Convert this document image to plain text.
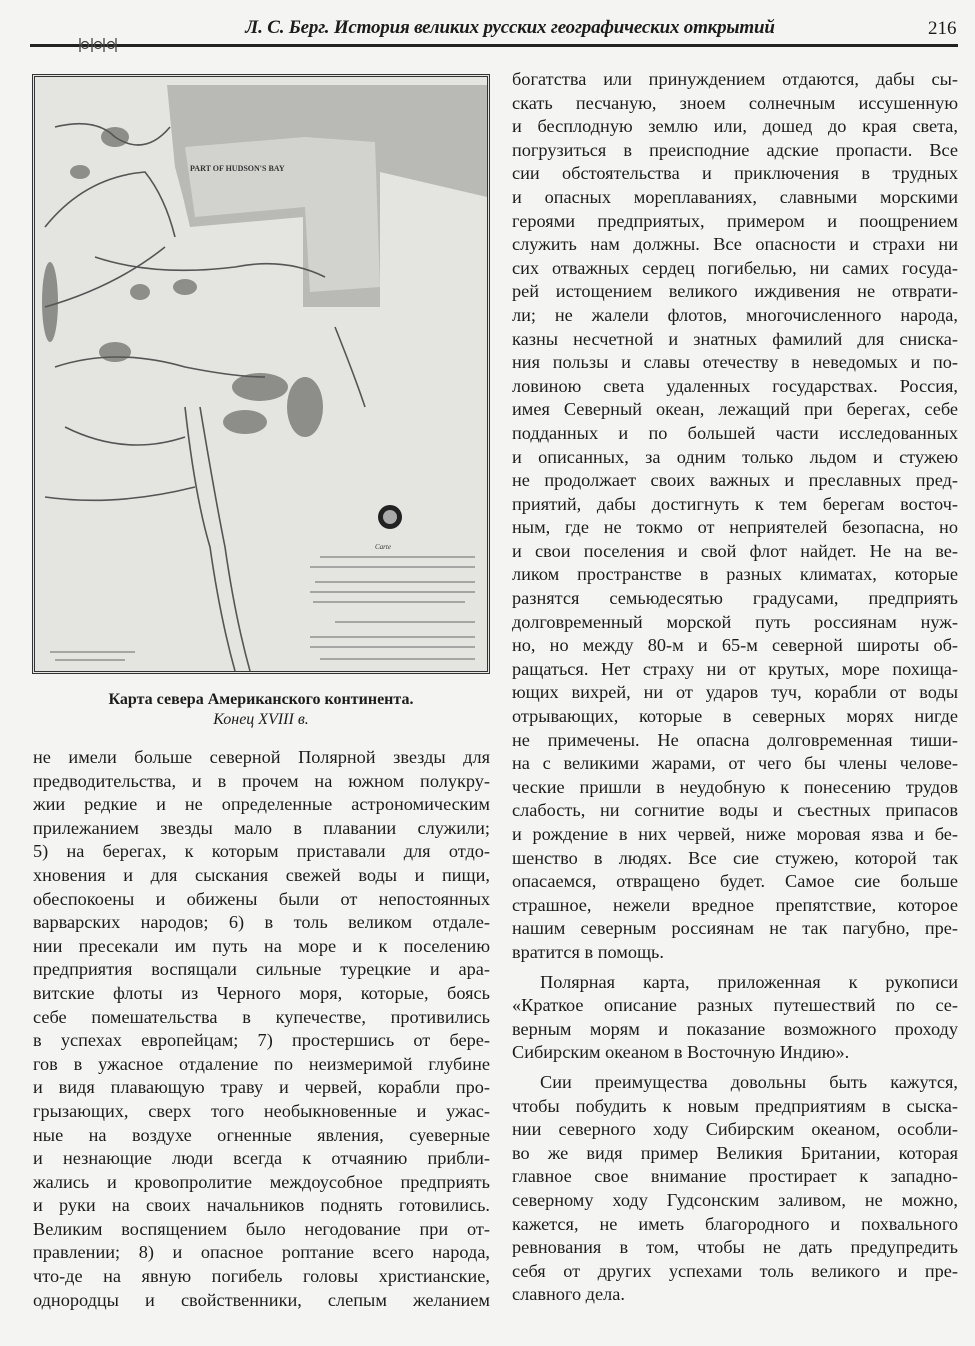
Л. С. Берг. История великих русских географических открытий	216
PART OF HUDSON'S BAY
Carte
Карта севера Американского континента.
Конец XVIII в.
не имели больше северной Полярной звезды для
предводительства, и в прочем на южном полукру-
жии редкие и не определенные астрономическим
прилежанием звезды мало в плавании служили;
5) на берегах, к которым приставали для отдо-
хновения и для сыскания свежей воды и пищи,
обеспокоены и обижены были от непостоянных
варварских народов; 6) в толь великом отдале-
нии пресекали им путь на море и к поселению
предприятия воспящали сильные турецкие и ара-
витские флоты из Черного моря, которые, боясь
себе помешательства в купечестве, противились
в успехах европейцам; 7) простершись от бере-
гов в ужасное отдаление по неизмеримой глубине
и видя плавающую траву и червей, корабли про-
грызающих, сверх того необыкновенные и ужас-
ные на воздухе огненные явления, суеверные
и незнающие люди всегда к отчаянию прибли-
жались и кровопролитие междоусобное предприять
и руки на своих начальников поднять готовились.
Великим воспящением было негодование при от-
правлении; 8) и опасное роптание всего народа,
что-де на явную погибель головы христианские,
однородцы и свойственники, слепым желанием
богатства или принуждением отдаются, дабы сы-
скать песчаную, зноем солнечным иссушенную
и бесплодную землю или, дошед до края света,
погрузиться в преисподние адские пропасти. Все
сии обстоятельства и приключения в трудных
и опасных мореплаваниях, славными морскими
героями предприятых, примером и поощрением
служить нам должны. Все опасности и страхи ни
сих отважных сердец погибелью, ни самих госуда-
рей истощением великого иждивения не отврати-
ли; не жалели флотов, многочисленного народа,
казны несчетной и знатных фамилий для сниска-
ния пользы и славы отечеству в неведомых и по-
ловиною света удаленных государствах. Россия,
имея Северный океан, лежащий при берегах, себе
подданных и по большей части исследованных
и описанных, за одним только льдом и стужею
не продолжает своих важных и преславных пред-
приятий, дабы достигнуть к тем берегам восточ-
ным, где не токмо от неприятелей безопасна, но
и свои поселения и свой флот найдет. Не на ве-
ликом пространстве в разных климатах, которые
разнятся семьюдесятью градусами, предприять
долговременный морской путь россиянам нуж-
но, но между 80-м и 65-м северной широты об-
ращаться. Нет страху ни от крутых, море похища-
ющих вихрей, ни от ударов туч, корабли от воды
отрывающих, которые в северных морях нигде
не примечены. Не опасна долговременная тиши-
на с великими жарами, от чего бы члены челове-
ческие пришли в неудобную к понесению трудов
слабость, ни согнитие воды и съестных припасов
и рождение в них червей, ниже моровая язва и бе-
шенство в людях. Все сие стужею, которой так
опасаемся, отвращено будет. Самое сие больше
страшное, нежели вредное препятствие, которое
нашим северным россиянам не так пагубно, пре-
вратится в помощь.
Полярная карта, приложенная к рукописи
«Краткое описание разных путешествий по се-
верным морям и показание возможного проходу
Сибирским океаном в Восточную Индию».
Сии преимущества довольны быть кажутся,
чтобы побудить к новым предприятиям в сыска-
нии северного ходу Сибирским океаном, особли-
во же видя пример Великия Британии, которая
главное свое внимание простирает к западно-
северному ходу Гудсонским заливом, не можно,
кажется, не иметь благородного и похвального
ревнования в том, чтобы не дать предупредить
себя от других успехами толь великого и пре-
славного дела.
